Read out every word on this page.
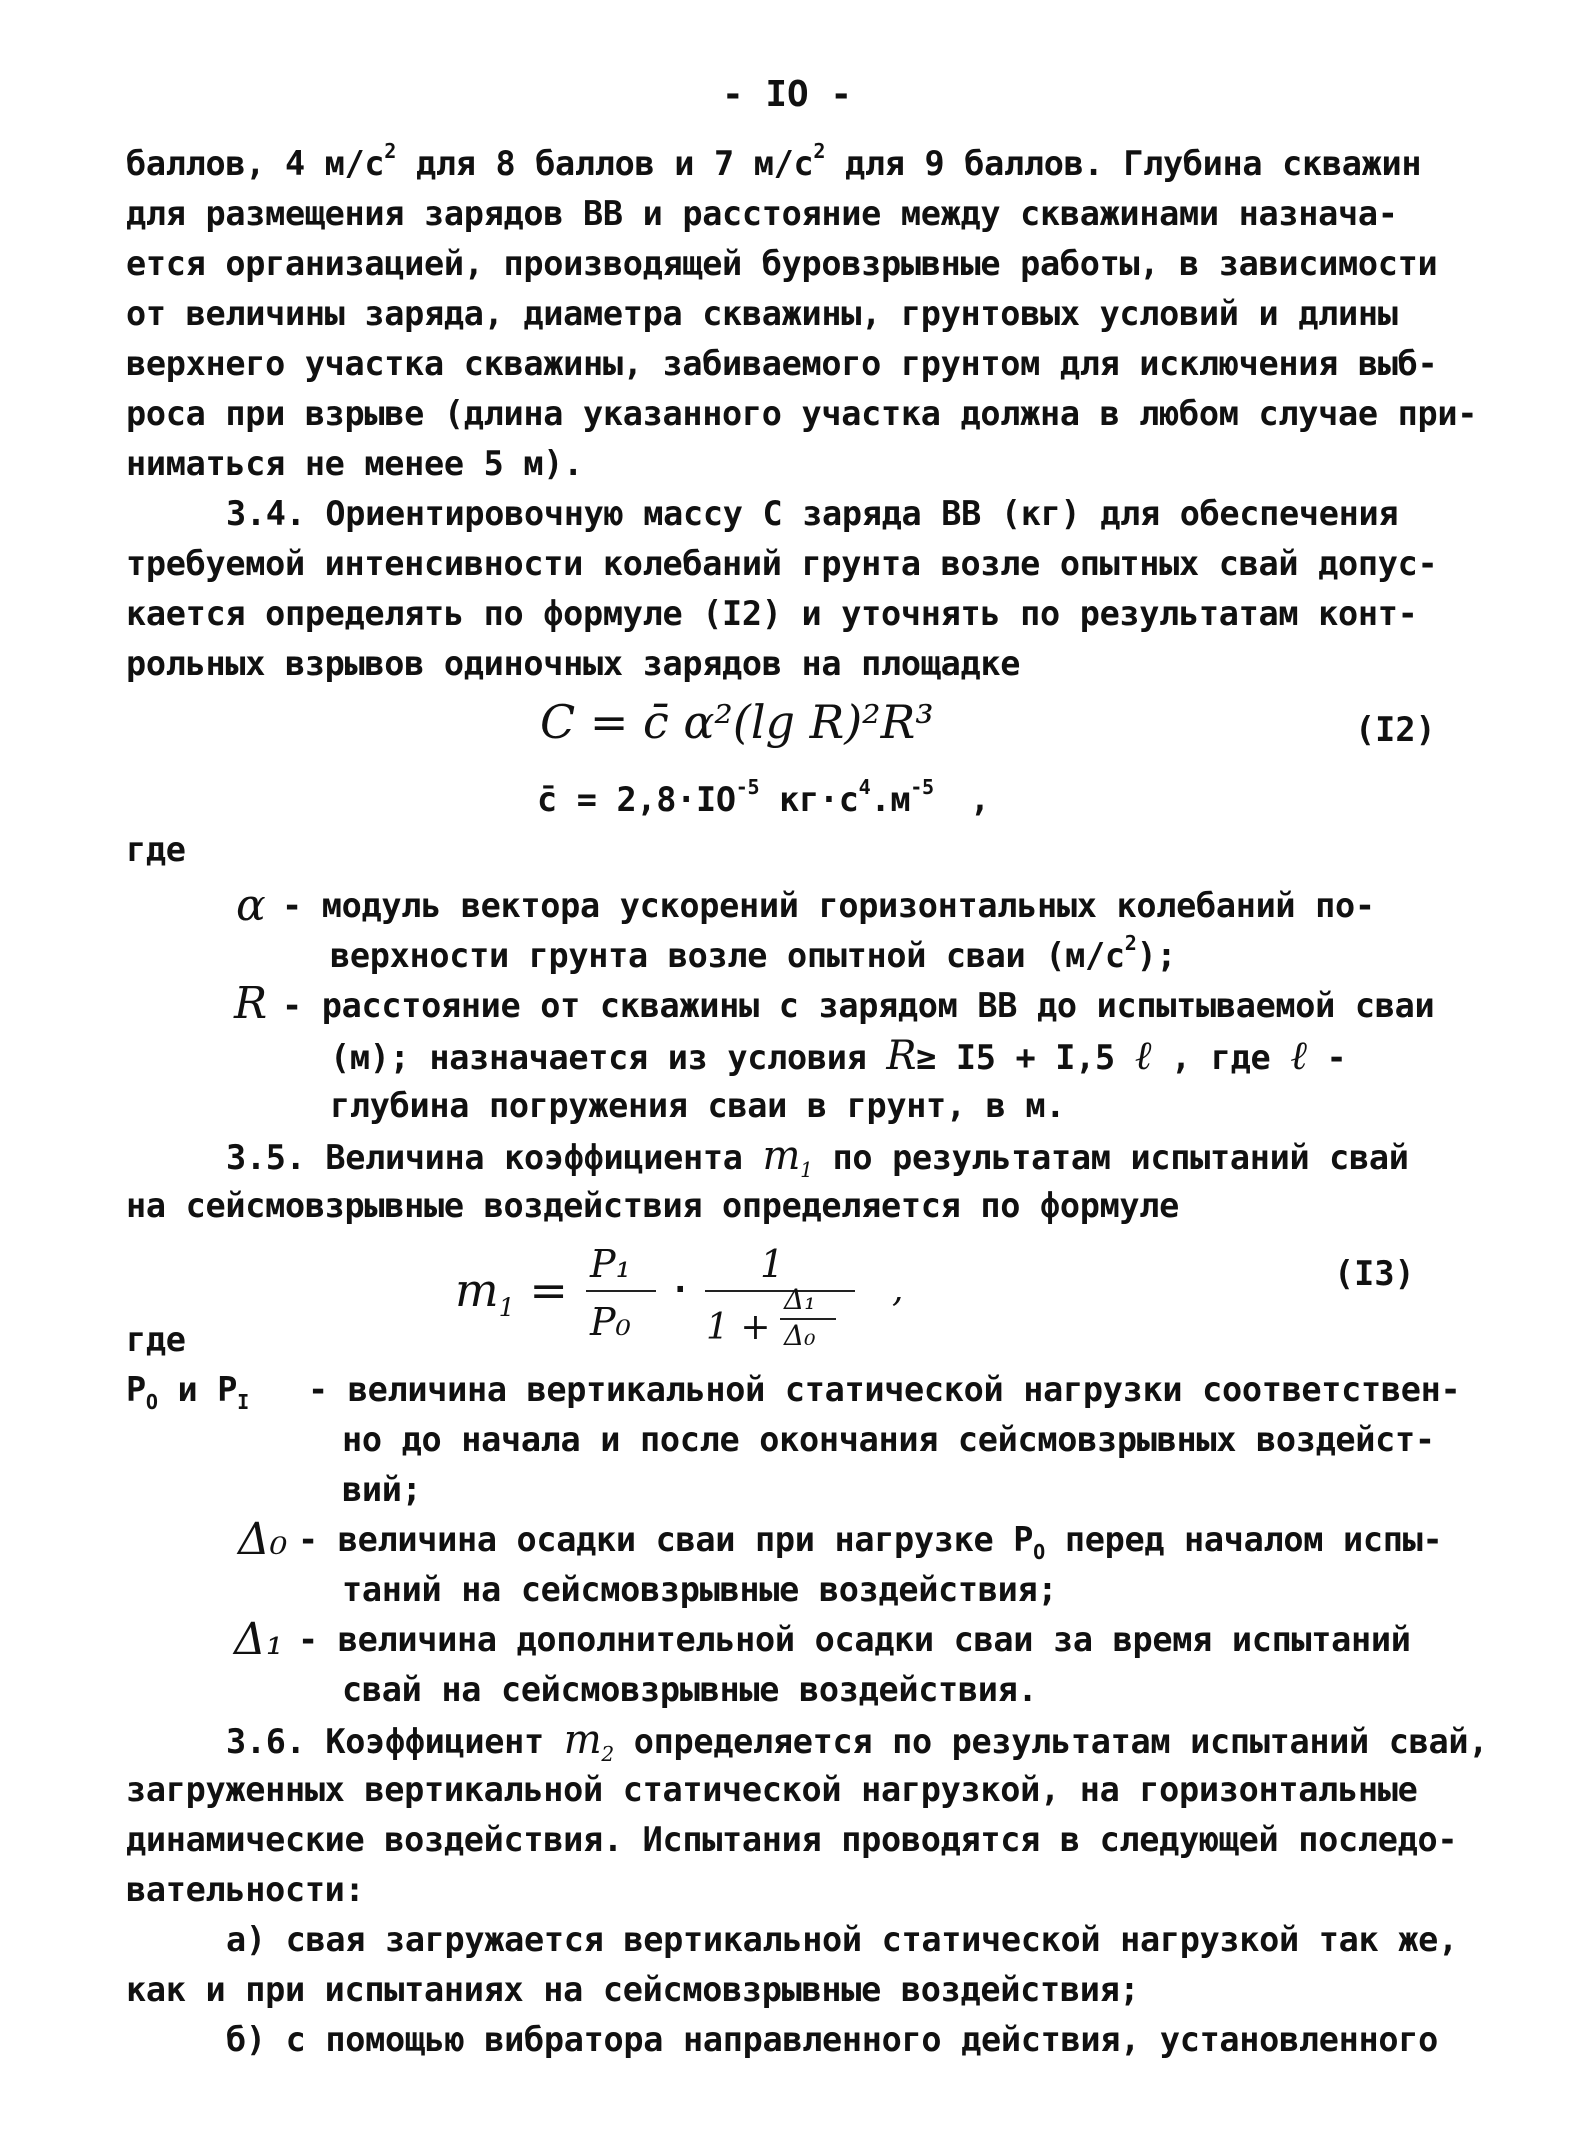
- IO -
баллов, 4 $м/с^2$ для 8 баллов и 7 $м/с^2$ для 9 баллов. Глубина скважин
для размещения зарядов ВВ и расстояние между скважинами назнача-
ется организацией, производящей буровзрывные работы, в зависимости
от величины заряда, диаметра скважины, грунтовых условий и длины
верхнего участка скважины, забиваемого грунтом для исключения выб-
роса при взрыве (длина указанного участка должна в любом случае при-
ниматься не менее 5 м).
3.4. Ориентировочную массу С заряда ВВ (кг) для обеспечения
требуемой интенсивности колебаний грунта возле опытных свай допус-
кается определять по формуле (I2) и уточнять по результатам конт-
рольных взрывов одиночных зарядов на площадке
C = c̄ α²(lg R)²R³	(I2)
c̄ = $2,8\cdot IO^{-5}$ $кг\cdot с^4.м^{-5}$ ,
где
α - модуль вектора ускорений горизонтальных колебаний по-
верхности грунта возле опытной сваи $(м/с^2)$;
R - расстояние от скважины с зарядом ВВ до испытываемой сваи
(м); назначается из условия R≥ I5 + I,5 ℓ , где ℓ -
глубина погружения сваи в грунт, в м.
3.5. Величина коэффициента $m_1$ по результатам испытаний свай
на сейсмовзрывные воздействия определяется по формуле
$m_1 = P_1$
P₀
·
1
1 +
Δ₁
Δ₀
,	(I3)
где
$P_O$ и $P_I$	- величина вертикальной статической нагрузки соответствен-
но до начала и после окончания сейсмовзрывных воздейст-
вий;
Δ₀ - величина осадки сваи при нагрузке $P_O$ перед началом испы-
таний на сейсмовзрывные воздействия;
Δ₁ - величина дополнительной осадки сваи за время испытаний
свай на сейсмовзрывные воздействия.
3.6. Коэффициент $m_2$ определяется по результатам испытаний свай,
загруженных вертикальной статической нагрузкой, на горизонтальные
динамические воздействия. Испытания проводятся в следующей последо-
вательности:
а) свая загружается вертикальной статической нагрузкой так же,
как и при испытаниях на сейсмовзрывные воздействия;
б) с помощью вибратора направленного действия, установленного
